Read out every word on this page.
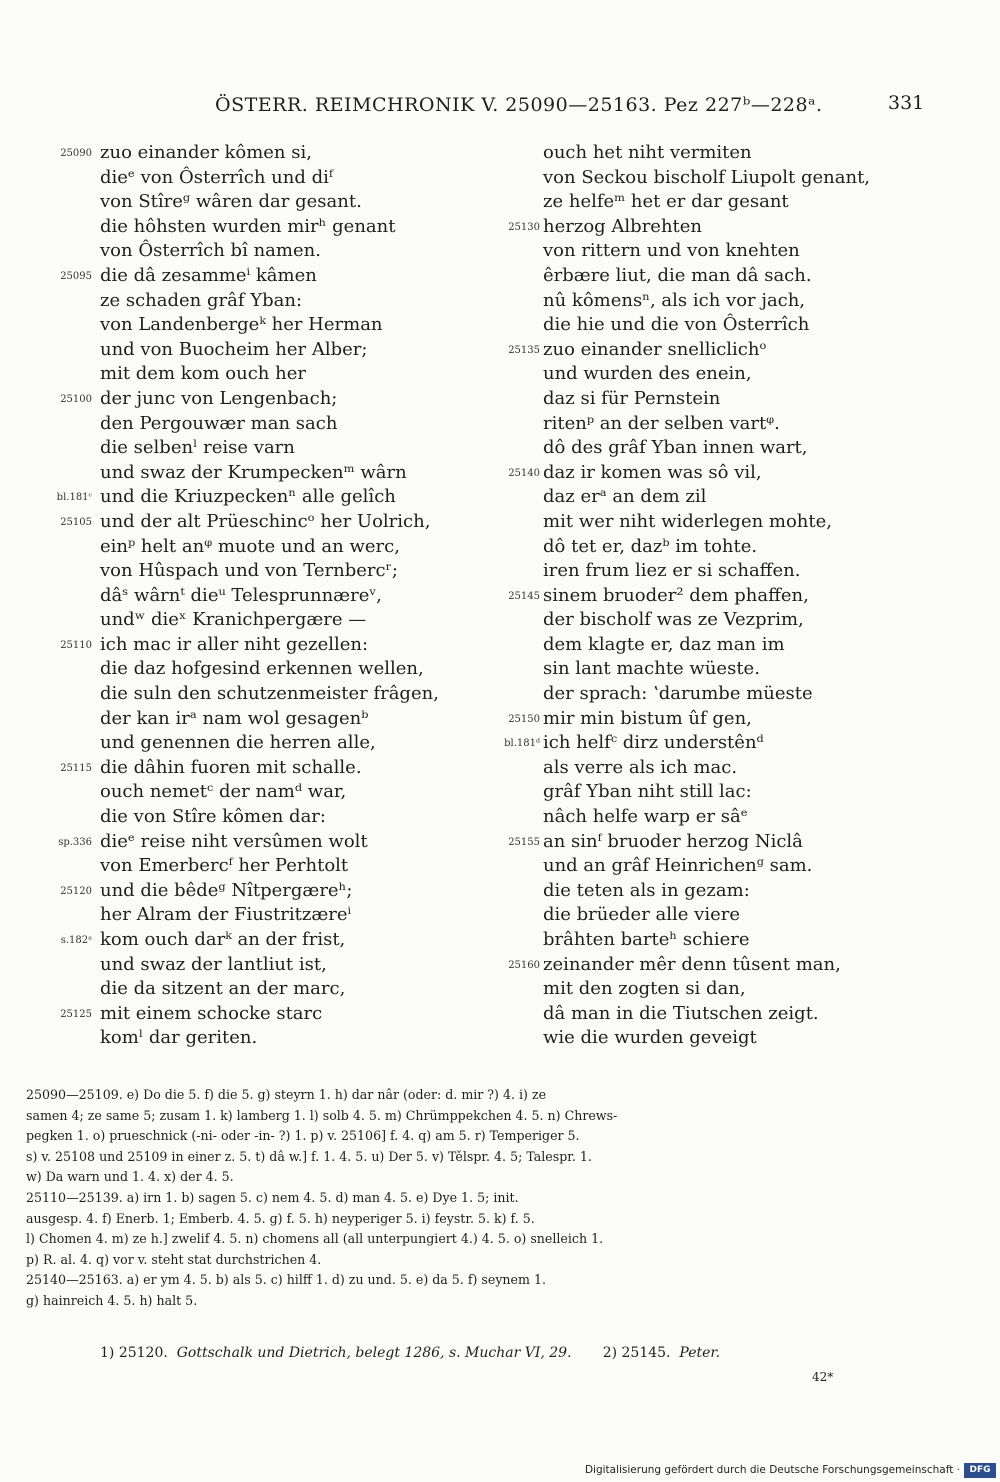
ÖSTERR. REIMCHRONIK V. 25090—25163. Pez 227ᵇ—228ᵃ.	331
25090 zuo einander kômen si,
dieᵉ von Ôsterrîch und diᶠ
von Stîreᵍ wâren dar gesant.
die hôhsten wurden mirʰ genant
von Ôsterrîch bî namen.
25095 die dâ zesammeⁱ kâmen
ze schaden grâf Yban:
von Landenbergeᵏ her Herman
und von Buocheim her Alber;
mit dem kom ouch her
25100 der junc von Lengenbach;
den Pergouwær man sach
die selbenˡ reise varn
und swaz der Krumpeckenᵐ wârn
bl.181ᶜ und die Kriuzpeckenⁿ alle gelîch
25105 und der alt Prüeschincᵒ her Uolrich,
einᵖ helt anᵠ muote und an werc,
von Hûspach und von Ternbercʳ;
dâˢ wârnᵗ dieᵘ Telesprunnæreᵛ,
undʷ dieˣ Kranichpergære —
25110 ich mac ir aller niht gezellen:
die daz hofgesind erkennen wellen,
die suln den schutzenmeister frâgen,
der kan irᵃ nam wol gesagenᵇ
und genennen die herren alle,
25115 die dâhin fuoren mit schalle.
ouch nemetᶜ der namᵈ war,
die von Stîre kômen dar:
sp.336 dieᵉ reise niht versûmen wolt
von Emerbercᶠ her Perhtolt
25120 und die bêdeᵍ Nîtpergæreʰ;
her Alram der Fiustritzæreⁱ
s.182ᵃ kom ouch darᵏ an der frist,
und swaz der lantliut ist,
die da sitzent an der marc,
25125 mit einem schocke starc
komˡ dar geriten.
ouch het niht vermiten
von Seckou bischolf Liupolt genant,
ze helfeᵐ het er dar gesant
25130 herzog Albrehten
von rittern und von knehten
êrbære liut, die man dâ sach.
nû kômensⁿ, als ich vor jach,
die hie und die von Ôsterrîch
25135 zuo einander snelliclichᵒ
und wurden des enein,
daz si für Pernstein
ritenᵖ an der selben vartᵠ.
dô des grâf Yban innen wart,
25140 daz ir komen was sô vil,
daz erᵃ an dem zil
mit wer niht widerlegen mohte,
dô tet er, dazᵇ im tohte.
iren frum liez er si schaffen.
25145 sinem bruoder² dem phaffen,
der bischolf was ze Vezprim,
dem klagte er, daz man im
sin lant machte wüeste.
der sprach: ʽdarumbe müeste
25150 mir min bistum ûf gen,
bl.181ᵈ ich helfᶜ dirz understênᵈ
als verre als ich mac.
grâf Yban niht still lac:
nâch helfe warp er sâᵉ
25155 an sinᶠ bruoder herzog Niclâ
und an grâf Heinrichenᵍ sam.
die teten als in gezam:
die brüeder alle viere
brâhten barteʰ schiere
25160 zeinander mêr denn tûsent man,
mit den zogten si dan,
dâ man in die Tiutschen zeigt.
wie die wurden geveigt
25090—25109. e) Do die 5. f) die 5. g) steyrn 1. h) dar nâr (oder: d. mir ?) 4. i) ze
samen 4; ze same 5; zusam 1. k) lamberg 1. l) solb 4. 5. m) Chrümppekchen 4. 5. n) Chrews-
pegken 1. o) prueschnick (-ni- oder -in- ?) 1. p) v. 25106] f. 4. q) am 5. r) Temperiger 5.
s) v. 25108 und 25109 in einer z. 5. t) dâ w.] f. 1. 4. 5. u) Der 5. v) Tělspr. 4. 5; Talespr. 1.
w) Da warn und 1. 4. x) der 4. 5.
25110—25139. a) irn 1. b) sagen 5. c) nem 4. 5. d) man 4. 5. e) Dye 1. 5; init.
ausgesp. 4. f) Enerb. 1; Emberb. 4. 5. g) f. 5. h) neyperiger 5. i) feystr. 5. k) f. 5.
l) Chomen 4. m) ze h.] zwelif 4. 5. n) chomens all (all unterpungiert 4.) 4. 5. o) snelleich 1.
p) R. al. 4. q) vor v. steht stat durchstrichen 4.
25140—25163. a) er ym 4. 5. b) als 5. c) hilff 1. d) zu und. 5. e) da 5. f) seynem 1.
g) hainreich 4. 5. h) halt 5.
1) 25120. Gottschalk und Dietrich, belegt 1286, s. Muchar VI, 29. 2) 25145. Peter.
42*
Digitalisierung gefördert durch die Deutsche Forschungsgemeinschaft ·	DFG
